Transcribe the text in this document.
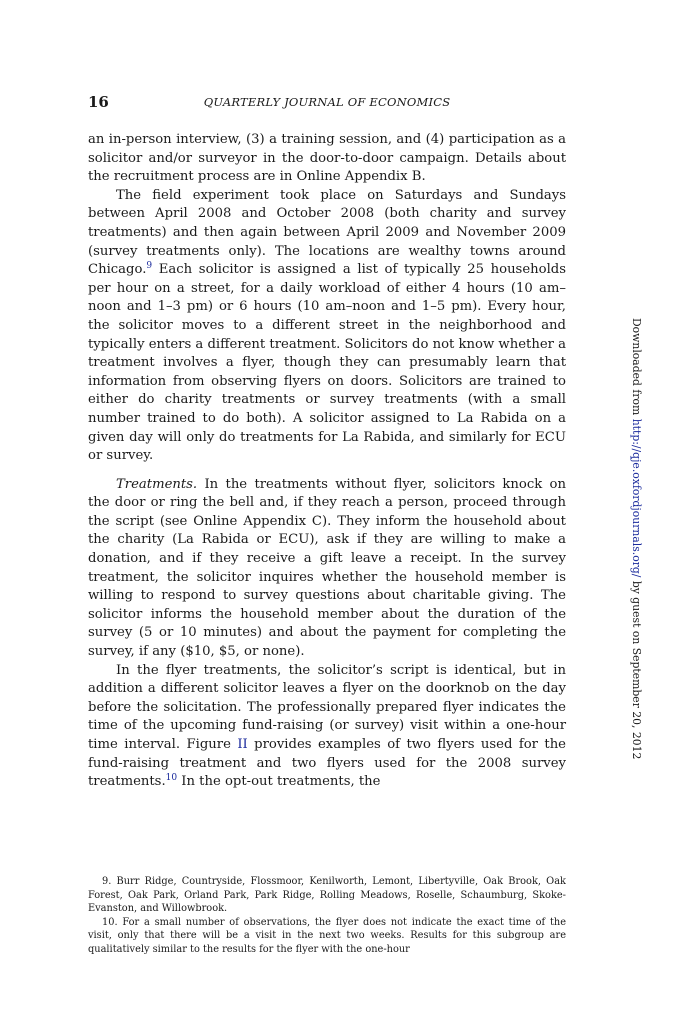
16	QUARTERLY JOURNAL OF ECONOMICS

an in-person interview, (3) a training session, and (4) participation as a solicitor and/or surveyor in the door-to-door campaign. Details about the recruitment process are in Online Appendix B.

The field experiment took place on Saturdays and Sundays between April 2008 and October 2008 (both charity and survey treatments) and then again between April 2009 and November 2009 (survey treatments only). The locations are wealthy towns around Chicago.$^9$ Each solicitor is assigned a list of typically 25 households per hour on a street, for a daily workload of either 4 hours (10 am–noon and 1–3 pm) or 6 hours (10 am–noon and 1–5 pm). Every hour, the solicitor moves to a different street in the neighborhood and typically enters a different treatment. Solicitors do not know whether a treatment involves a flyer, though they can presumably learn that information from observing flyers on doors. Solicitors are trained to either do charity treatments or survey treatments (with a small number trained to do both). A solicitor assigned to La Rabida on a given day will only do treatments for La Rabida, and similarly for ECU or survey.

Treatments. In the treatments without flyer, solicitors knock on the door or ring the bell and, if they reach a person, proceed through the script (see Online Appendix C). They inform the household about the charity (La Rabida or ECU), ask if they are willing to make a donation, and if they receive a gift leave a receipt. In the survey treatment, the solicitor inquires whether the household member is willing to respond to survey questions about charitable giving. The solicitor informs the household member about the duration of the survey (5 or 10 minutes) and about the payment for completing the survey, if any ($10, $5, or none).

In the flyer treatments, the solicitor’s script is identical, but in addition a different solicitor leaves a flyer on the doorknob on the day before the solicitation. The professionally prepared flyer indicates the time of the upcoming fund-raising (or survey) visit within a one-hour time interval. Figure II provides examples of two flyers used for the fund-raising treatment and two flyers used for the 2008 survey treatments.$^{10}$ In the opt-out treatments, the

9. Burr Ridge, Countryside, Flossmoor, Kenilworth, Lemont, Libertyville, Oak Brook, Oak Forest, Oak Park, Orland Park, Park Ridge, Rolling Meadows, Roselle, Schaumburg, Skoke-Evanston, and Willowbrook.

10. For a small number of observations, the flyer does not indicate the exact time of the visit, only that there will be a visit in the next two weeks. Results for this subgroup are qualitatively similar to the results for the flyer with the one-hour

Downloaded from http://qje.oxfordjournals.org/ by guest on September 20, 2012
